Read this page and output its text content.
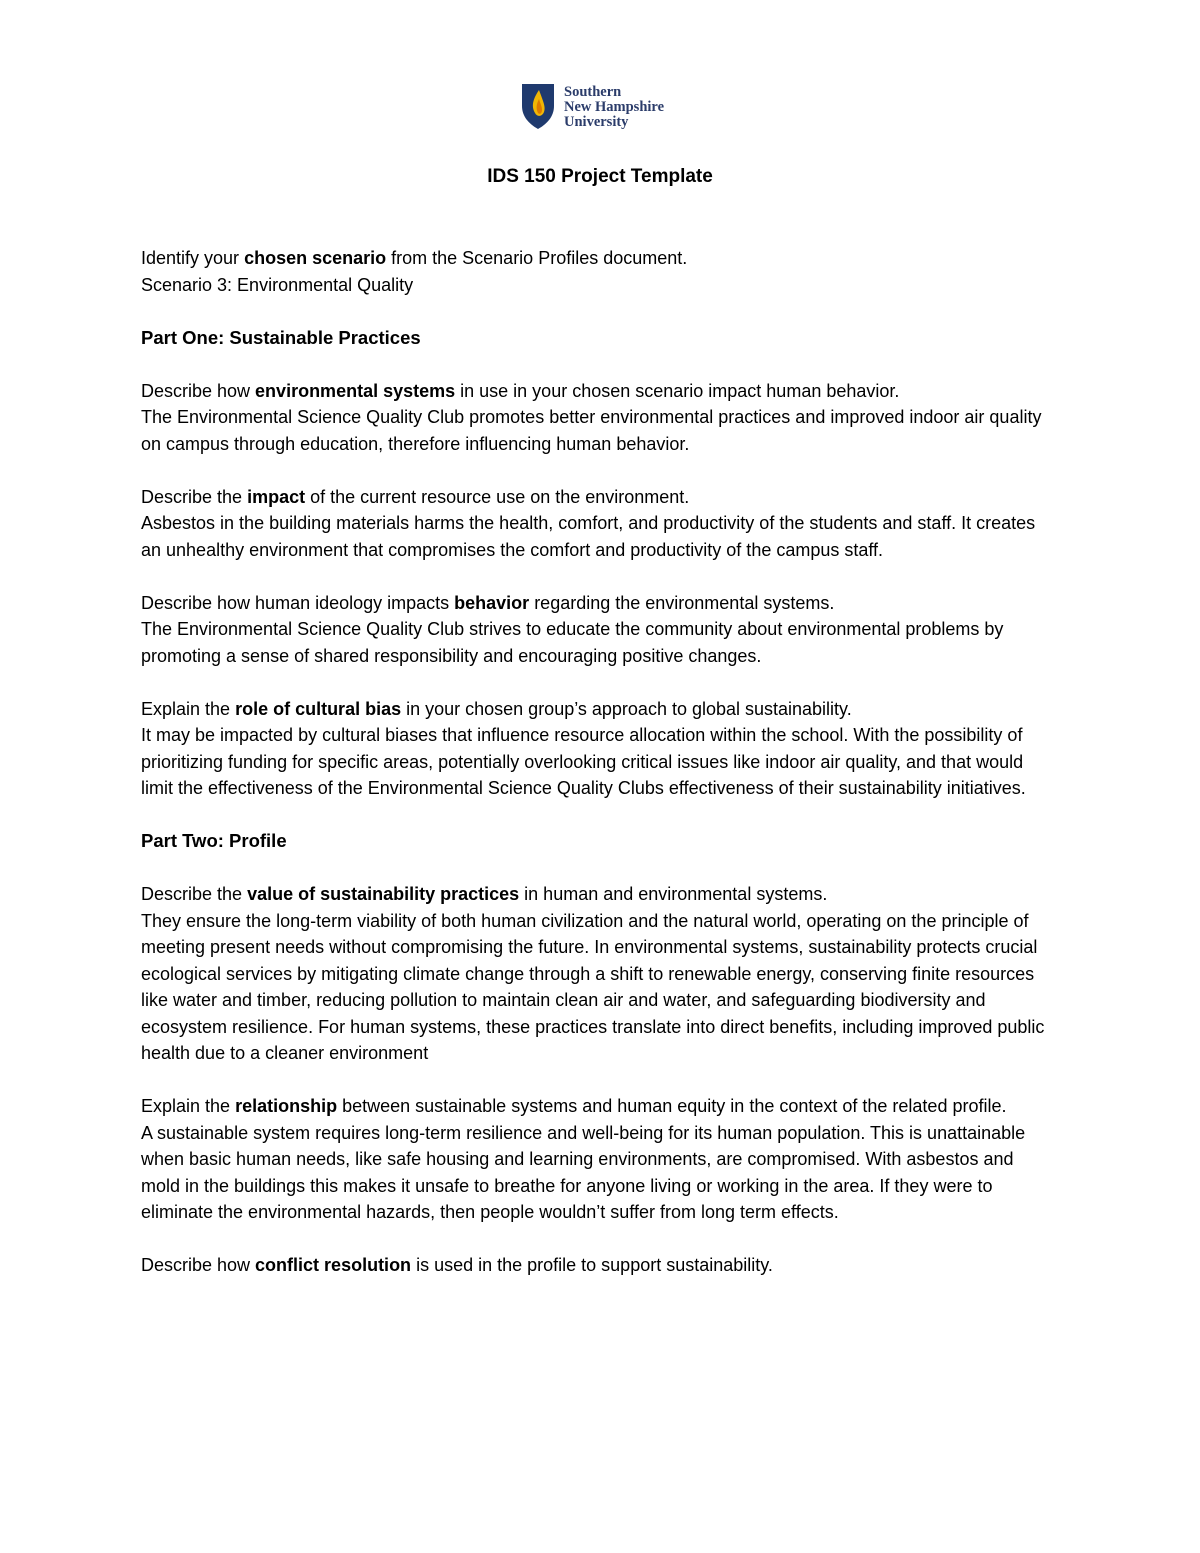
Southern
New Hampshire
University
IDS 150 Project Template

Identify your chosen scenario from the Scenario Profiles document.

Scenario 3: Environmental Quality

Part One: Sustainable Practices

Describe how environmental systems in use in your chosen scenario impact human behavior.

The Environmental Science Quality Club promotes better environmental practices and improved indoor air quality on campus through education, therefore influencing human behavior.

Describe the impact of the current resource use on the environment.

Asbestos in the building materials harms the health, comfort, and productivity of the students and staff. It creates an unhealthy environment that compromises the comfort and productivity of the campus staff.

Describe how human ideology impacts behavior regarding the environmental systems.

The Environmental Science Quality Club strives to educate the community about environmental problems by promoting a sense of shared responsibility and encouraging positive changes.

Explain the role of cultural bias in your chosen group’s approach to global sustainability.

It may be impacted by cultural biases that influence resource allocation within the school. With the possibility of prioritizing funding for specific areas, potentially overlooking critical issues like indoor air quality, and that would limit the effectiveness of the Environmental Science Quality Clubs effectiveness of their sustainability initiatives.

Part Two: Profile

Describe the value of sustainability practices in human and environmental systems.

They ensure the long-term viability of both human civilization and the natural world, operating on the principle of meeting present needs without compromising the future. In environmental systems, sustainability protects crucial ecological services by mitigating climate change through a shift to renewable energy, conserving finite resources like water and timber, reducing pollution to maintain clean air and water, and safeguarding biodiversity and ecosystem resilience. For human systems, these practices translate into direct benefits, including improved public health due to a cleaner environment

Explain the relationship between sustainable systems and human equity in the context of the related profile.

A sustainable system requires long-term resilience and well-being for its human population. This is unattainable when basic human needs, like safe housing and learning environments, are compromised. With asbestos and mold in the buildings this makes it unsafe to breathe for anyone living or working in the area. If they were to eliminate the environmental hazards, then people wouldn’t suffer from long term effects.

Describe how conflict resolution is used in the profile to support sustainability.
